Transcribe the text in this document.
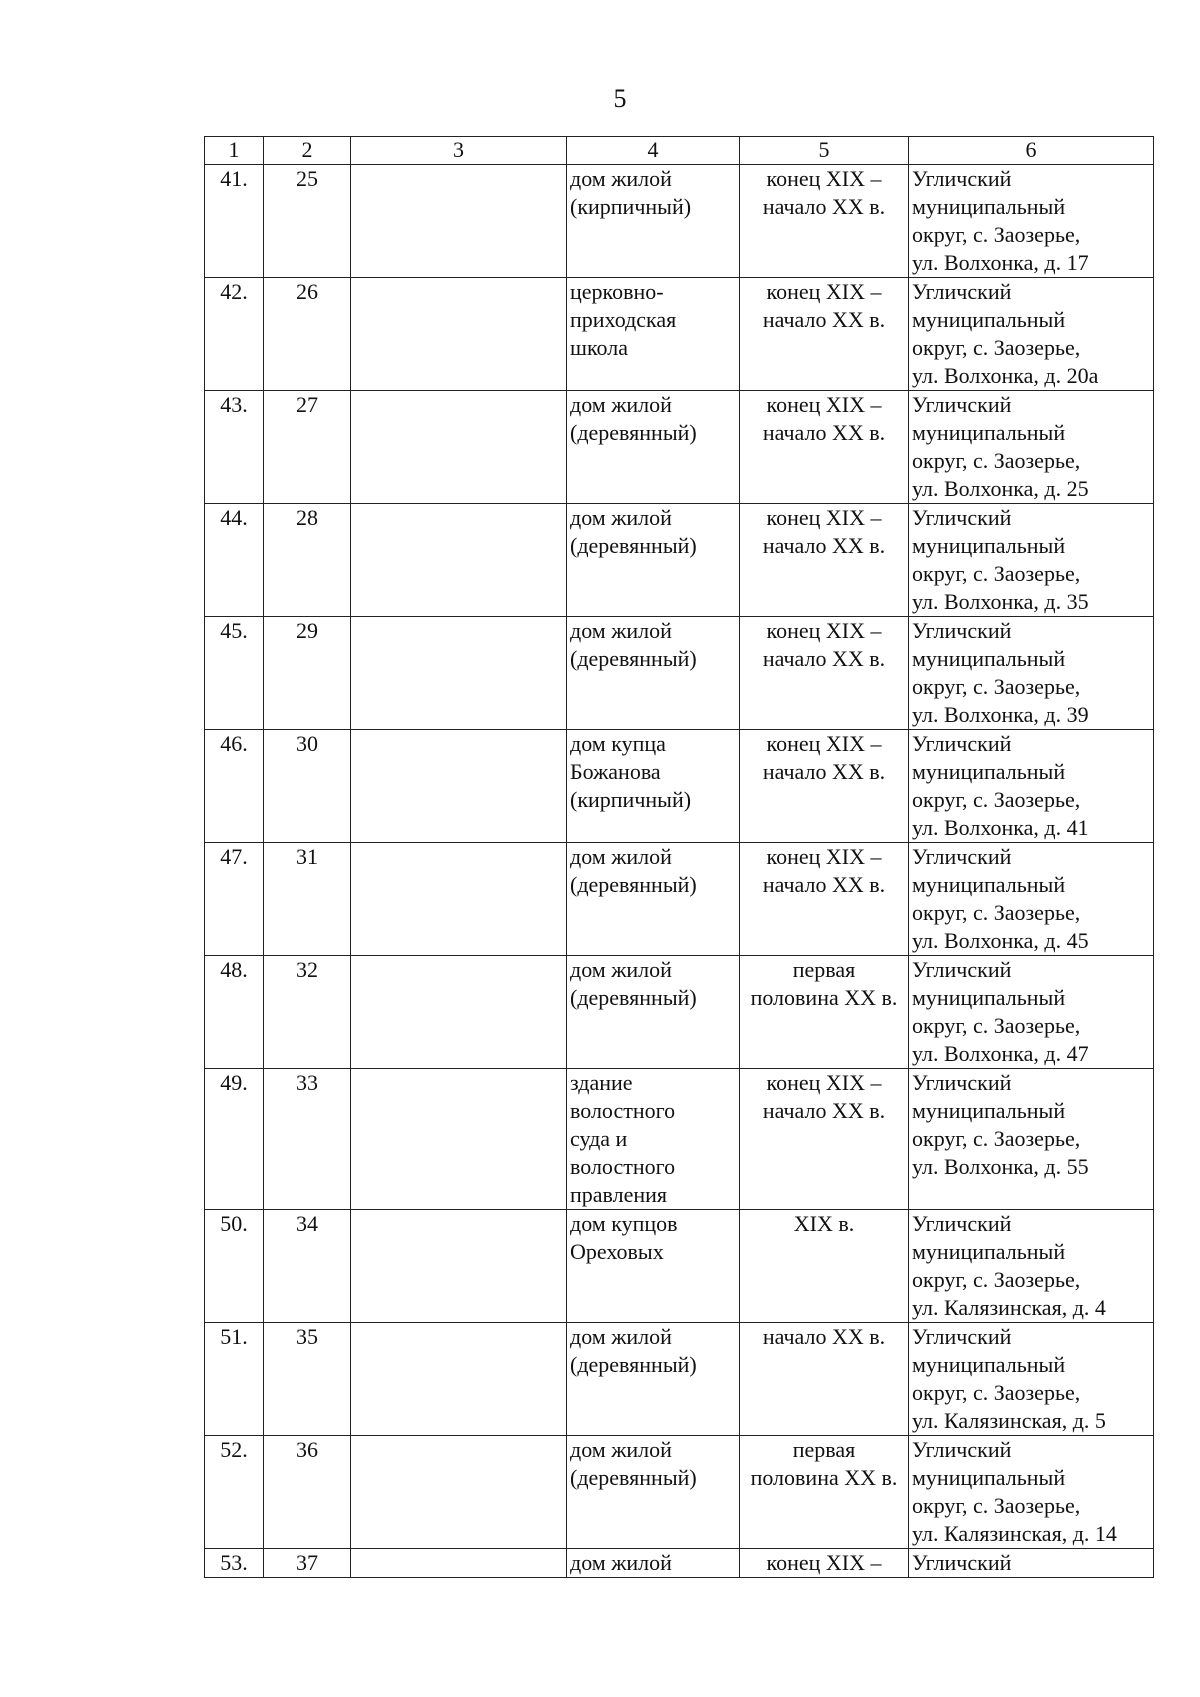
5
1	2	3	4	5	6
41.	25		дом жилой
(кирпичный)	конец XIX –
начало XX в.	Угличский
муниципальный
округ, с. Заозерье,
ул. Волхонка, д. 17

42.	26		церковно-
приходская
школа	конец XIX –
начало XX в.	Угличский
муниципальный
округ, с. Заозерье,
ул. Волхонка, д. 20а

43.	27		дом жилой
(деревянный)	конец XIX –
начало XX в.	Угличский
муниципальный
округ, с. Заозерье,
ул. Волхонка, д. 25

44.	28		дом жилой
(деревянный)	конец XIX –
начало XX в.	Угличский
муниципальный
округ, с. Заозерье,
ул. Волхонка, д. 35

45.	29		дом жилой
(деревянный)	конец XIX –
начало XX в.	Угличский
муниципальный
округ, с. Заозерье,
ул. Волхонка, д. 39

46.	30		дом купца
Божанова
(кирпичный)	конец XIX –
начало XX в.	Угличский
муниципальный
округ, с. Заозерье,
ул. Волхонка, д. 41

47.	31		дом жилой
(деревянный)	конец XIX –
начало XX в.	Угличский
муниципальный
округ, с. Заозерье,
ул. Волхонка, д. 45

48.	32		дом жилой
(деревянный)	первая
половина XX в.	Угличский
муниципальный
округ, с. Заозерье,
ул. Волхонка, д. 47

49.	33		здание
волостного
суда и
волостного
правления	конец XIX –
начало XX в.	Угличский
муниципальный
округ, с. Заозерье,
ул. Волхонка, д. 55

50.	34		дом купцов
Ореховых	XIX в.	Угличский
муниципальный
округ, с. Заозерье,
ул. Калязинская, д. 4

51.	35		дом жилой
(деревянный)	начало XX в.	Угличский
муниципальный
округ, с. Заозерье,
ул. Калязинская, д. 5

52.	36		дом жилой
(деревянный)	первая
половина XX в.	Угличский
муниципальный
округ, с. Заозерье,
ул. Калязинская, д. 14

53.	37		дом жилой	конец XIX –	Угличский
